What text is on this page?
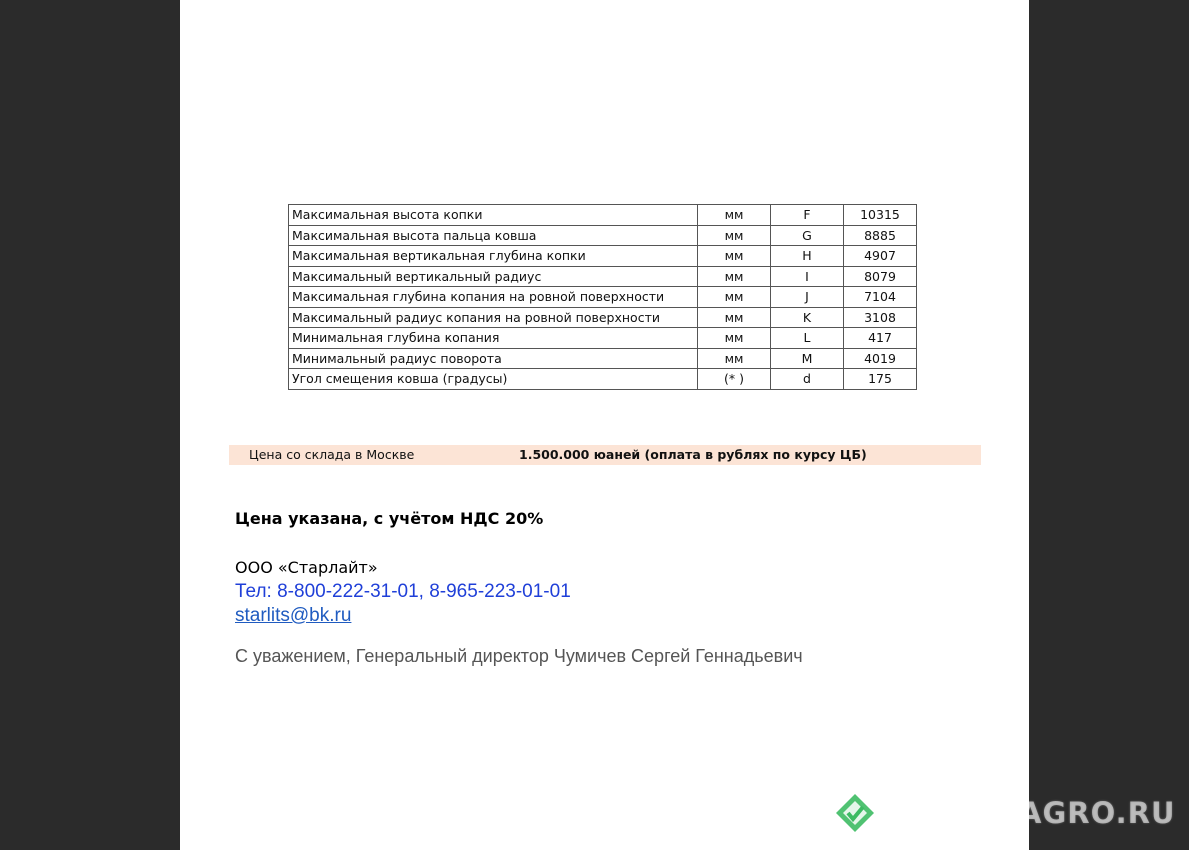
Максимальная высота копки	мм	F	10315
Максимальная высота пальца ковша	мм	G	8885
Максимальная вертикальная глубина копки	мм	H	4907
Максимальный вертикальный радиус	мм	I	8079
Максимальная глубина копания на ровной поверхности	мм	J	7104
Максимальный радиус копания на ровной поверхности	мм	K	3108
Минимальная глубина копания	мм	L	417
Минимальный радиус поворота	мм	M	4019
Угол смещения ковша (градусы)	(* )	d	175
Цена со склада в Москве	1.500.000 юаней (оплата в рублях по курсу ЦБ)
Цена указана, с учётом НДС 20%
ООО «Старлайт»
Тел: 8-800-222-31-01, 8-965-223-01-01
starlits@bk.ru
С уважением, Генеральный директор Чумичев Сергей Геннадьевич
VERUM-AGRO.RU
